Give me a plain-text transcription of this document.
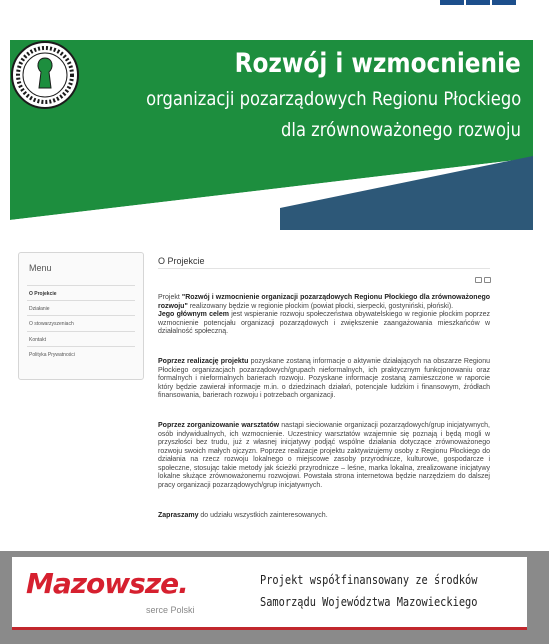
Rozwój i wzmocnienie
organizacji pozarządowych Regionu Płockiego
dla zrównoważonego rozwoju
Menu
O Projekcie
Działanie
O stowarzyszeniach
Kontakt
Polityka Prywatności
O Projekcie
Projekt "Rozwój i wzmocnienie organizacji pozarządowych Regionu Płockiego dla zrównoważonego rozwoju" realizowany będzie w regionie płockim (powiat płocki, sierpecki, gostyniński, płoński).
Jego głównym celem jest wspieranie rozwoju społeczeństwa obywatelskiego w regionie płockim poprzez wzmocnienie potencjału organizacji pozarządowych i zwiększenie zaangażowania mieszkańców w działalność społeczną.
Poprzez realizację projektu pozyskane zostaną informacje o aktywnie działających na obszarze Regionu Płockiego organizacjach pozarządowych/grupach nieformalnych, ich praktycznym funkcjonowaniu oraz formalnych i nieformalnych barierach rozwoju. Pozyskane informacje zostaną zamieszczone w raporcie który będzie zawierał informacje m.in. o dziedzinach działań, potencjale ludzkim i finansowym, źródłach finansowania, barierach rozwoju i potrzebach organizacji.
Poprzez zorganizowanie warsztatów nastąpi sieciowanie organizacji pozarządowych/grup inicjatywnych, osób indywidualnych, ich wzmocnienie. Uczestnicy warsztatów wzajemnie się poznają i będą mogli w przyszłości bez trudu, już z własnej inicjatywy podjąć wspólne działania dotyczące zrównoważonego rozwoju swoich małych ojczyzn. Poprzez realizacje projektu zaktywizujemy osoby z Regionu Płockiego do działania na rzecz rozwoju lokalnego o miejscowe zasoby przyrodnicze, kulturowe, gospodarcze i społeczne, stosując takie metody jak ścieżki przyrodnicze – leśne, marka lokalna, zrealizowane inicjatywy lokalne służące zrównoważonemu rozwojowi. Powstała strona internetowa będzie narzędziem do dalszej pracy organizacji pozarządowych/grup inicjatywnych.
Zapraszamy do udziału wszystkich zainteresowanych.
Mazowsze.
serce Polski
Projekt współfinansowany ze środków
Samorządu Województwa Mazowieckiego
